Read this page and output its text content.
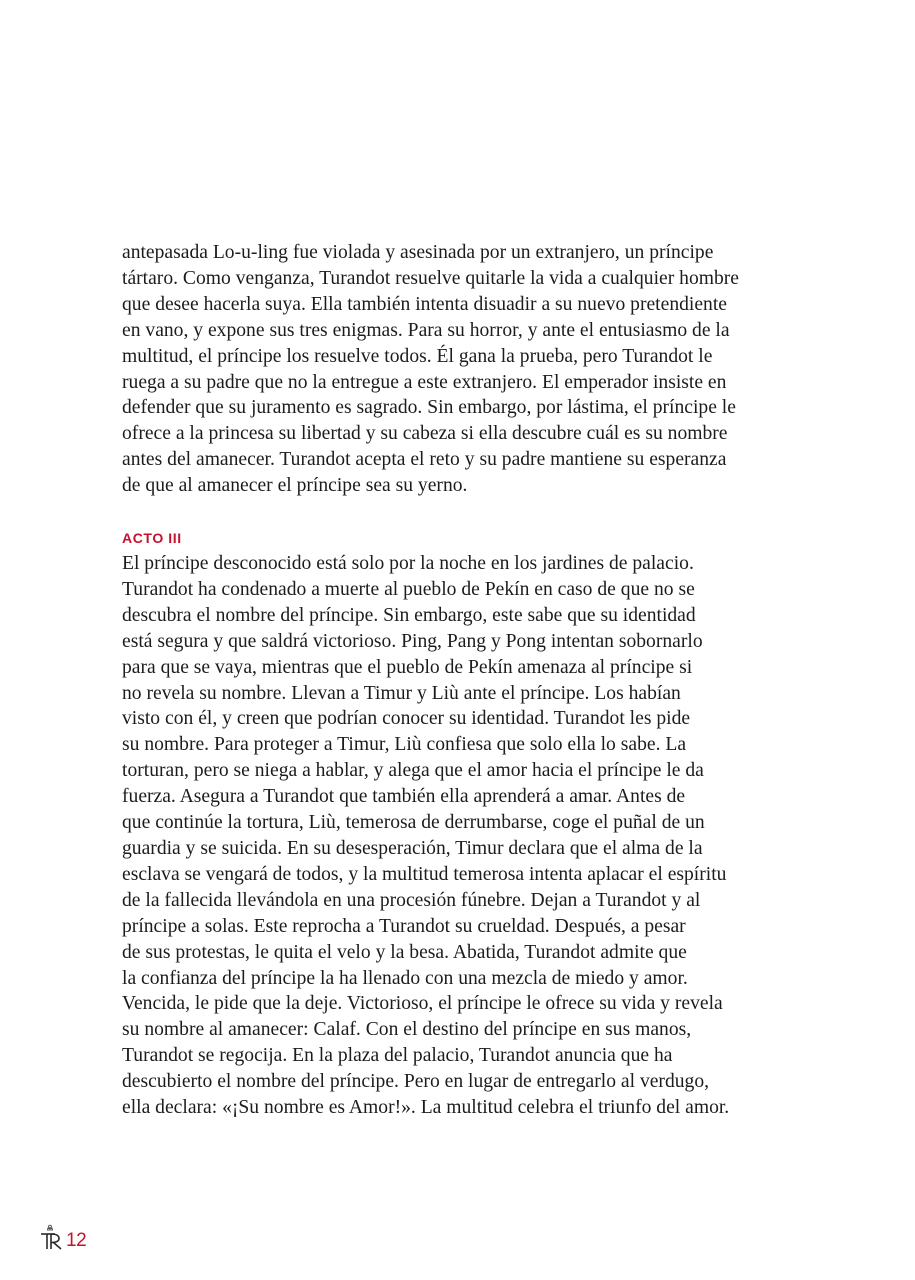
antepasada Lo-u-ling fue violada y asesinada por un extranjero, un príncipe
tártaro. Como venganza, Turandot resuelve quitarle la vida a cualquier hombre
que desee hacerla suya. Ella también intenta disuadir a su nuevo pretendiente
en vano, y expone sus tres enigmas. Para su horror, y ante el entusiasmo de la
multitud, el príncipe los resuelve todos. Él gana la prueba, pero Turandot le
ruega a su padre que no la entregue a este extranjero. El emperador insiste en
defender que su juramento es sagrado. Sin embargo, por lástima, el príncipe le
ofrece a la princesa su libertad y su cabeza si ella descubre cuál es su nombre
antes del amanecer. Turandot acepta el reto y su padre mantiene su esperanza
de que al amanecer el príncipe sea su yerno.
ACTO III
El príncipe desconocido está solo por la noche en los jardines de palacio.
Turandot ha condenado a muerte al pueblo de Pekín en caso de que no se
descubra el nombre del príncipe. Sin embargo, este sabe que su identidad
está segura y que saldrá victorioso. Ping, Pang y Pong intentan sobornarlo
para que se vaya, mientras que el pueblo de Pekín amenaza al príncipe si
no revela su nombre. Llevan a Timur y Liù ante el príncipe. Los habían
visto con él, y creen que podrían conocer su identidad. Turandot les pide
su nombre. Para proteger a Timur, Liù confiesa que solo ella lo sabe. La
torturan, pero se niega a hablar, y alega que el amor hacia el príncipe le da
fuerza. Asegura a Turandot que también ella aprenderá a amar. Antes de
que continúe la tortura, Liù, temerosa de derrumbarse, coge el puñal de un
guardia y se suicida. En su desesperación, Timur declara que el alma de la
esclava se vengará de todos, y la multitud temerosa intenta aplacar el espíritu
de la fallecida llevándola en una procesión fúnebre. Dejan a Turandot y al
príncipe a solas. Este reprocha a Turandot su crueldad. Después, a pesar
de sus protestas, le quita el velo y la besa. Abatida, Turandot admite que
la confianza del príncipe la ha llenado con una mezcla de miedo y amor.
Vencida, le pide que la deje. Victorioso, el príncipe le ofrece su vida y revela
su nombre al amanecer: Calaf. Con el destino del príncipe en sus manos,
Turandot se regocija. En la plaza del palacio, Turandot anuncia que ha
descubierto el nombre del príncipe. Pero en lugar de entregarlo al verdugo,
ella declara: «¡Su nombre es Amor!». La multitud celebra el triunfo del amor.
12
